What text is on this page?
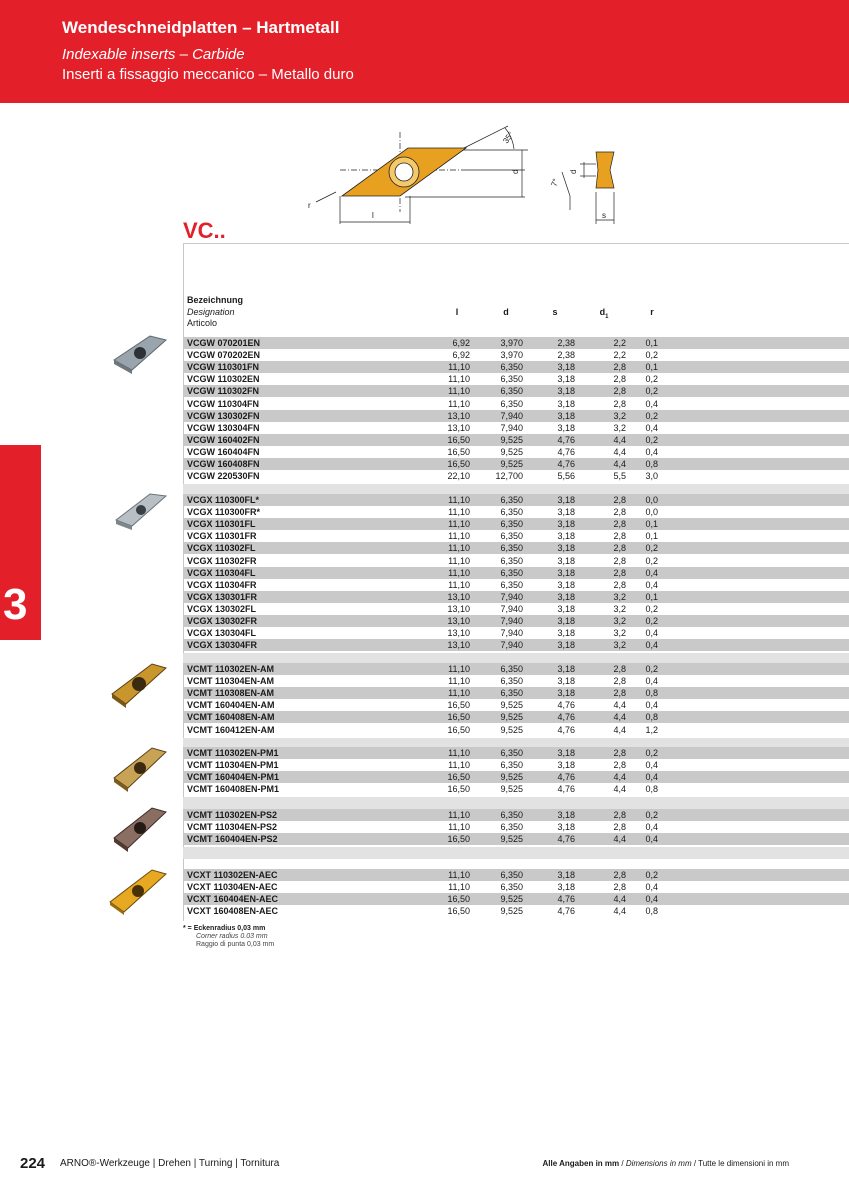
Wendeschneidplatten – Hartmetall
Indexable inserts – Carbide
Inserti a fissaggio meccanico – Metallo duro
3
35°
d
l
r
7°
d
s
VC..
Bezeichnung
Designation
Articolo
l	d	s	$d_1$	r
VCGW 070201EN	6,92	3,970	2,38	2,2	0,1
VCGW 070202EN	6,92	3,970	2,38	2,2	0,2
VCGW 110301FN	11,10	6,350	3,18	2,8	0,1
VCGW 110302EN	11,10	6,350	3,18	2,8	0,2
VCGW 110302FN	11,10	6,350	3,18	2,8	0,2
VCGW 110304FN	11,10	6,350	3,18	2,8	0,4
VCGW 130302FN	13,10	7,940	3,18	3,2	0,2
VCGW 130304FN	13,10	7,940	3,18	3,2	0,4
VCGW 160402FN	16,50	9,525	4,76	4,4	0,2
VCGW 160404FN	16,50	9,525	4,76	4,4	0,4
VCGW 160408FN	16,50	9,525	4,76	4,4	0,8
VCGW 220530FN	22,10	12,700	5,56	5,5	3,0
VCGX 110300FL*	11,10	6,350	3,18	2,8	0,0
VCGX 110300FR*	11,10	6,350	3,18	2,8	0,0
VCGX 110301FL	11,10	6,350	3,18	2,8	0,1
VCGX 110301FR	11,10	6,350	3,18	2,8	0,1
VCGX 110302FL	11,10	6,350	3,18	2,8	0,2
VCGX 110302FR	11,10	6,350	3,18	2,8	0,2
VCGX 110304FL	11,10	6,350	3,18	2,8	0,4
VCGX 110304FR	11,10	6,350	3,18	2,8	0,4
VCGX 130301FR	13,10	7,940	3,18	3,2	0,1
VCGX 130302FL	13,10	7,940	3,18	3,2	0,2
VCGX 130302FR	13,10	7,940	3,18	3,2	0,2
VCGX 130304FL	13,10	7,940	3,18	3,2	0,4
VCGX 130304FR	13,10	7,940	3,18	3,2	0,4
VCMT 110302EN-AM	11,10	6,350	3,18	2,8	0,2
VCMT 110304EN-AM	11,10	6,350	3,18	2,8	0,4
VCMT 110308EN-AM	11,10	6,350	3,18	2,8	0,8
VCMT 160404EN-AM	16,50	9,525	4,76	4,4	0,4
VCMT 160408EN-AM	16,50	9,525	4,76	4,4	0,8
VCMT 160412EN-AM	16,50	9,525	4,76	4,4	1,2
VCMT 110302EN-PM1	11,10	6,350	3,18	2,8	0,2
VCMT 110304EN-PM1	11,10	6,350	3,18	2,8	0,4
VCMT 160404EN-PM1	16,50	9,525	4,76	4,4	0,4
VCMT 160408EN-PM1	16,50	9,525	4,76	4,4	0,8
VCMT 110302EN-PS2	11,10	6,350	3,18	2,8	0,2
VCMT 110304EN-PS2	11,10	6,350	3,18	2,8	0,4
VCMT 160404EN-PS2	16,50	9,525	4,76	4,4	0,4
VCXT 110302EN-AEC	11,10	6,350	3,18	2,8	0,2
VCXT 110304EN-AEC	11,10	6,350	3,18	2,8	0,4
VCXT 160404EN-AEC	16,50	9,525	4,76	4,4	0,4
VCXT 160408EN-AEC	16,50	9,525	4,76	4,4	0,8
* = Eckenradius 0,03 mm
Corner radius 0.03 mm
Raggio di punta 0,03 mm
224 ARNO®-Werkzeuge | Drehen | Turning | Tornitura	Alle Angaben in mm / Dimensions in mm / Tutte le dimensioni in mm
